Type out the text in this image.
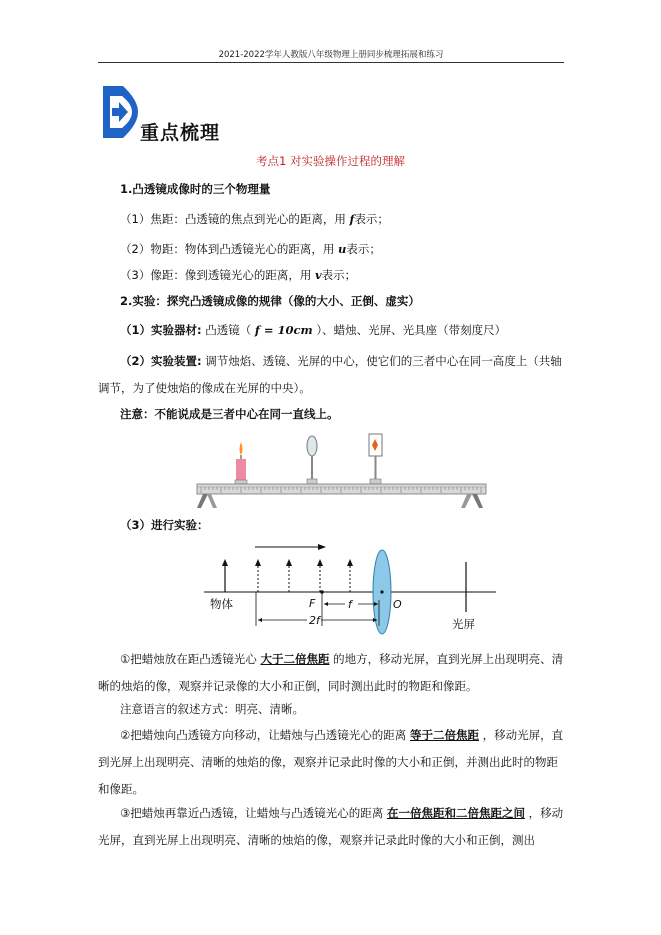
2021-2022学年人教版八年级物理上册同步梳理拓展和练习
重点梳理
考点1 对实验操作过程的理解
1.凸透镜成像时的三个物理量
（1）焦距：凸透镜的焦点到光心的距离，用 f表示；
（2）物距：物体到凸透镜光心的距离，用 u表示；
（3）像距：像到透镜光心的距离，用 v表示；
2.实验：探究凸透镜成像的规律（像的大小、正倒、虚实）
（1）实验器材: 凸透镜（ f = 10cm ）、蜡烛、光屏、光具座（带刻度尺）
（2）实验装置: 调节烛焰、透镜、光屏的中心，使它们的三者中心在同一高度上（共轴调节，为了使烛焰的像成在光屏的中央）。
注意：不能说成是三者中心在同一直线上。
（3）进行实验：
物体	F	f
2f
O
光屏
①把蜡烛放在距凸透镜光心 大于二倍焦距 的地方，移动光屏，直到光屏上出现明亮、清晰的烛焰的像，观察并记录像的大小和正倒，同时测出此时的物距和像距。
注意语言的叙述方式：明亮、清晰。
②把蜡烛向凸透镜方向移动，让蜡烛与凸透镜光心的距离 等于二倍焦距 ，移动光屏，直到光屏上出现明亮、清晰的烛焰的像，观察并记录此时像的大小和正倒，并测出此时的物距和像距。
③把蜡烛再靠近凸透镜，让蜡烛与凸透镜光心的距离 在一倍焦距和二倍焦距之间 ，移动光屏，直到光屏上出现明亮、清晰的烛焰的像，观察并记录此时像的大小和正倒，测出
